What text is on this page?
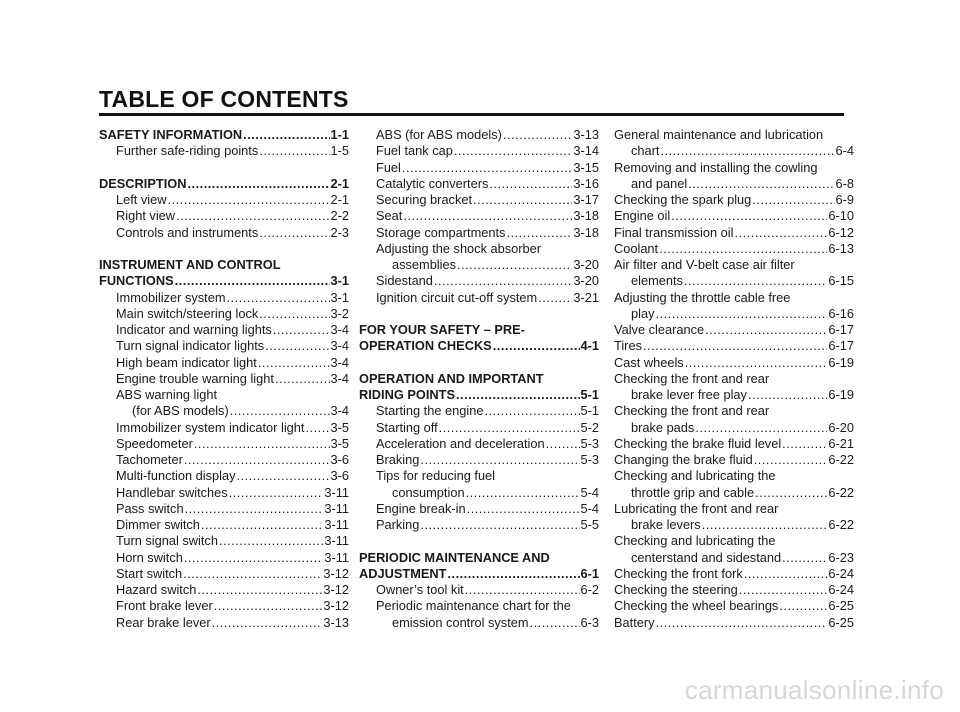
TABLE OF CONTENTS
SAFETY INFORMATION .....	1-1
Further safe-riding points .....	1-5
DESCRIPTION .....	2-1
Left view .....	2-1
Right view .....	2-2
Controls and instruments .....	2-3
INSTRUMENT AND CONTROL
FUNCTIONS .....	3-1
Immobilizer system .....	3-1
Main switch/steering lock .....	3-2
Indicator and warning lights .....	3-4
Turn signal indicator lights .....	3-4
High beam indicator light .....	3-4
Engine trouble warning light .....	3-4
ABS warning light
(for ABS models) .....	3-4
Immobilizer system indicator light ..... 3-5
Speedometer .....	3-5
Tachometer .....	3-6
Multi-function display .....	3-6
Handlebar switches .....	3-11
Pass switch .....	3-11
Dimmer switch .....	3-11
Turn signal switch .....	3-11
Horn switch .....	3-11
Start switch .....	3-12
Hazard switch .....	3-12
Front brake lever .....	3-12
Rear brake lever .....	3-13
ABS (for ABS models) .....	3-13
Fuel tank cap .....	3-14
Fuel .....	3-15
Catalytic converters .....	3-16
Securing bracket .....	3-17
Seat .....	3-18
Storage compartments .....	3-18
Adjusting the shock absorber
assemblies .....	3-20
Sidestand .....	3-20
Ignition circuit cut-off system .....	3-21
FOR YOUR SAFETY – PRE-
OPERATION CHECKS .....	4-1
OPERATION AND IMPORTANT
RIDING POINTS .....	5-1
Starting the engine .....	5-1
Starting off .....	5-2
Acceleration and deceleration .....	5-3
Braking .....	5-3
Tips for reducing fuel
consumption .....	5-4
Engine break-in .....	5-4
Parking .....	5-5
PERIODIC MAINTENANCE AND
ADJUSTMENT .....	6-1
Owner’s tool kit .....	6-2
Periodic maintenance chart for the
emission control system .....	6-3
General maintenance and lubrication
chart .....	6-4
Removing and installing the cowling
and panel .....	6-8
Checking the spark plug .....	6-9
Engine oil .....	6-10
Final transmission oil .....	6-12
Coolant .....	6-13
Air filter and V-belt case air filter
elements .....	6-15
Adjusting the throttle cable free
play .....	6-16
Valve clearance .....	6-17
Tires .....	6-17
Cast wheels .....	6-19
Checking the front and rear
brake lever free play .....	6-19
Checking the front and rear
brake pads .....	6-20
Checking the brake fluid level .....	6-21
Changing the brake fluid .....	6-22
Checking and lubricating the
throttle grip and cable .....	6-22
Lubricating the front and rear
brake levers .....	6-22
Checking and lubricating the
centerstand and sidestand .....	6-23
Checking the front fork .....	6-24
Checking the steering .....	6-24
Checking the wheel bearings .....	6-25
Battery .....	6-25
carmanualsonline.info
